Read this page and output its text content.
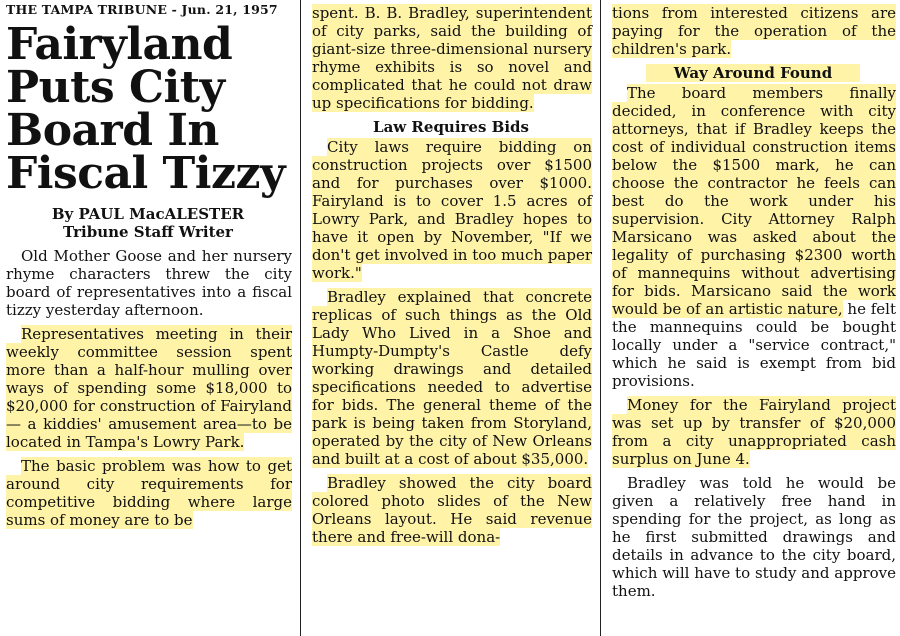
THE TAMPA TRIBUNE - Jun. 21, 1957
Fairyland
Puts City
Board In
Fiscal Tizzy
By PAUL MacALESTER
Tribune Staff Writer

Old Mother Goose and her nursery rhyme characters threw the city board of representatives into a fiscal tizzy yesterday afternoon.

Representatives meeting in their weekly committee session spent more than a half-hour mulling over ways of spending some $18,000 to $20,000 for construction of Fairyland — a kiddies' amusement area—to be located in Tampa's Lowry Park.

The basic problem was how to get around city requirements for competitive bidding where large sums of money are to be

spent. B. B. Bradley, superintendent of city parks, said the building of giant-size three-dimensional nursery rhyme exhibits is so novel and complicated that he could not draw up specifications for bidding.

Law Requires Bids

City laws require bidding on construction projects over $1500 and for purchases over $1000. Fairyland is to cover 1.5 acres of Lowry Park, and Bradley hopes to have it open by November, "If we don't get involved in too much paper work."

Bradley explained that concrete replicas of such things as the Old Lady Who Lived in a Shoe and Humpty-Dumpty's Castle defy working drawings and detailed specifications needed to advertise for bids. The general theme of the park is being taken from Storyland, operated by the city of New Orleans and built at a cost of about $35,000.

Bradley showed the city board colored photo slides of the New Orleans layout. He said revenue there and free-will dona-

tions from interested citizens are paying for the operation of the children's park.

Way Around Found

The board members finally decided, in conference with city attorneys, that if Bradley keeps the cost of individual construction items below the $1500 mark, he can choose the contractor he feels can best do the work under his supervision. City Attorney Ralph Marsicano was asked about the legality of purchasing $2300 worth of mannequins without advertising for bids. Marsicano said the work would be of an artistic nature, he felt the mannequins could be bought locally under a "service contract," which he said is exempt from bid provisions.

Money for the Fairyland project was set up by transfer of $20,000 from a city unappropriated cash surplus on June 4.

Bradley was told he would be given a relatively free hand in spending for the project, as long as he first submitted drawings and details in advance to the city board, which will have to study and approve them.
